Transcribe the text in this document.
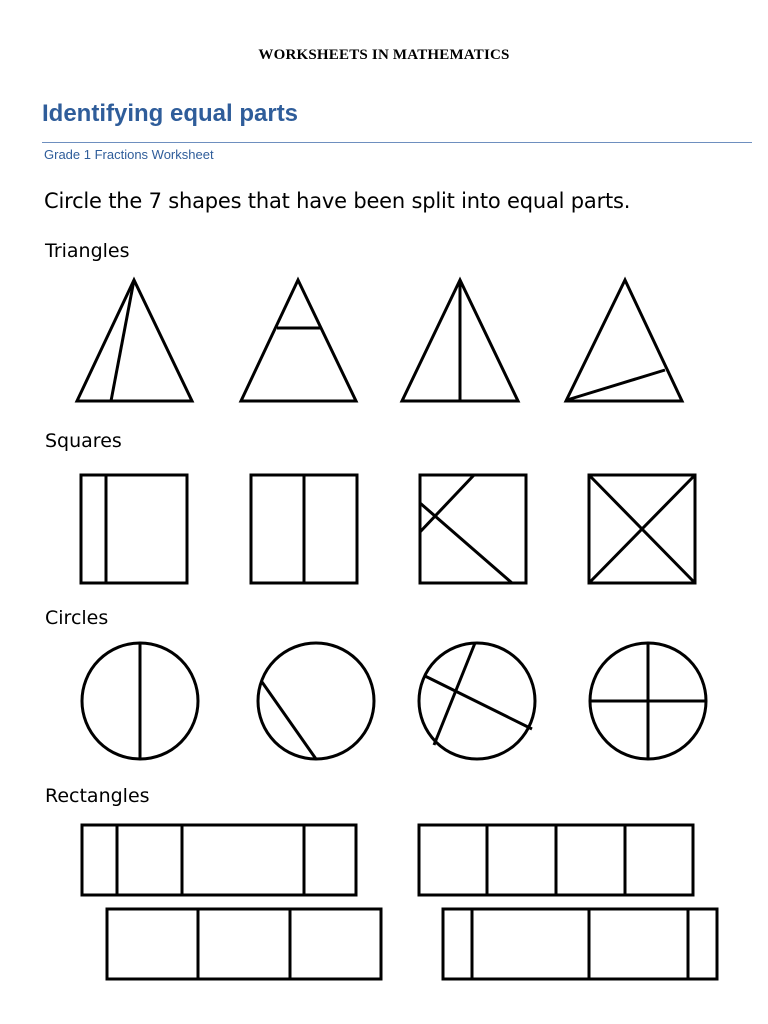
WORKSHEETS IN MATHEMATICS
Identifying equal parts
Grade 1 Fractions Worksheet
Circle the 7 shapes that have been split into equal parts.
Triangles
Squares
Circles
Rectangles
